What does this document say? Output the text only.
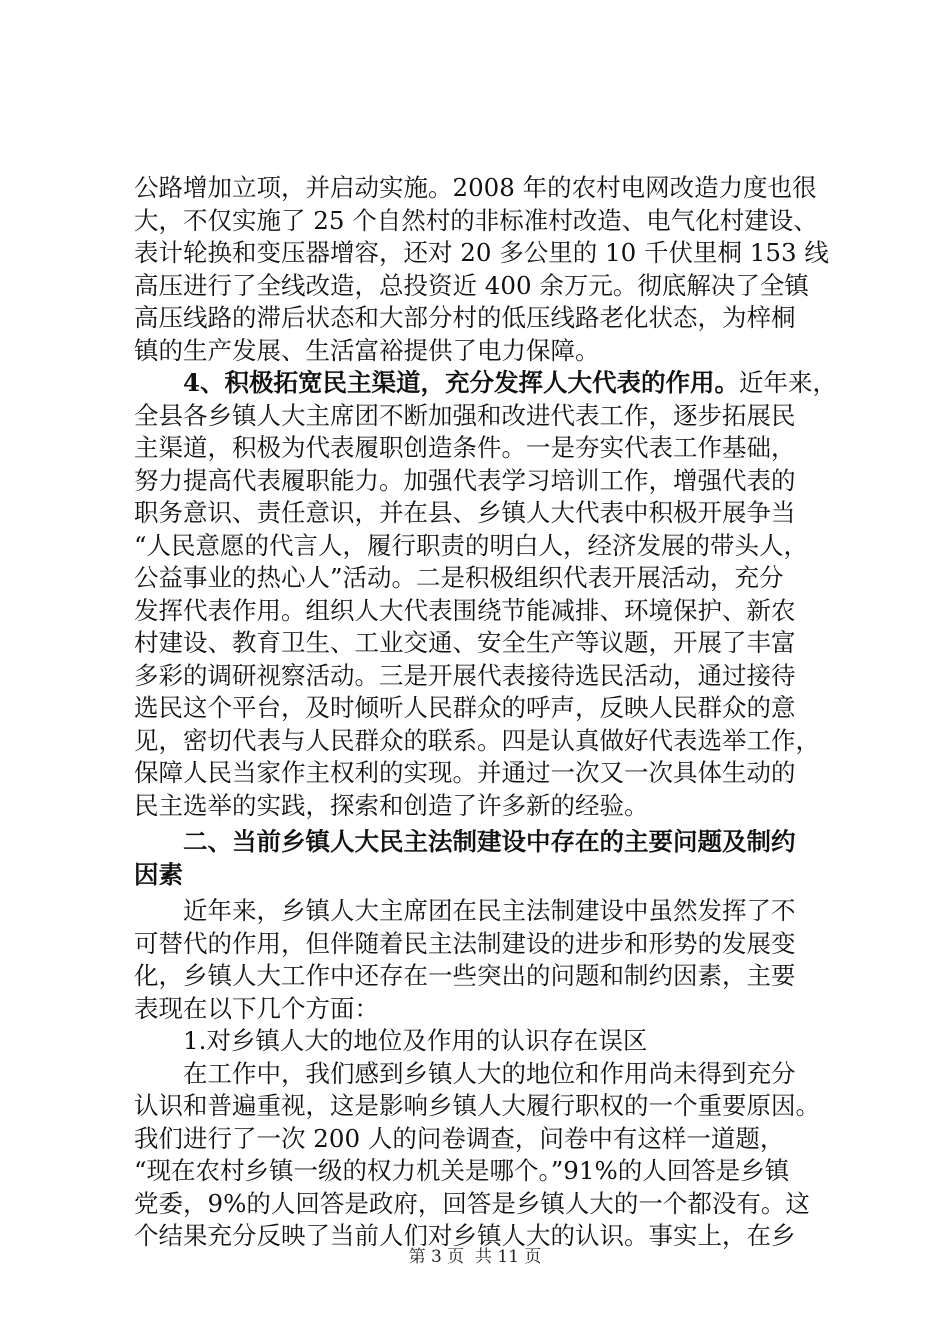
公路增加立项，并启动实施。2008 年的农村电网改造力度也很
大，不仅实施了 25 个自然村的非标准村改造、电气化村建设、
表计轮换和变压器增容，还对 20 多公里的 10 千伏里桐 153 线
高压进行了全线改造，总投资近 400 余万元。彻底解决了全镇
高压线路的滞后状态和大部分村的低压线路老化状态，为梓桐
镇的生产发展、生活富裕提供了电力保障。
4、积极拓宽民主渠道，充分发挥人大代表的作用。近年来，
全县各乡镇人大主席团不断加强和改进代表工作，逐步拓展民
主渠道，积极为代表履职创造条件。一是夯实代表工作基础，
努力提高代表履职能力。加强代表学习培训工作，增强代表的
职务意识、责任意识，并在县、乡镇人大代表中积极开展争当
“人民意愿的代言人，履行职责的明白人，经济发展的带头人，
公益事业的热心人”活动。二是积极组织代表开展活动，充分
发挥代表作用。组织人大代表围绕节能减排、环境保护、新农
村建设、教育卫生、工业交通、安全生产等议题，开展了丰富
多彩的调研视察活动。三是开展代表接待选民活动，通过接待
选民这个平台，及时倾听人民群众的呼声，反映人民群众的意
见，密切代表与人民群众的联系。四是认真做好代表选举工作，
保障人民当家作主权利的实现。并通过一次又一次具体生动的
民主选举的实践，探索和创造了许多新的经验。
二、当前乡镇人大民主法制建设中存在的主要问题及制约
因素
近年来，乡镇人大主席团在民主法制建设中虽然发挥了不
可替代的作用，但伴随着民主法制建设的进步和形势的发展变
化，乡镇人大工作中还存在一些突出的问题和制约因素，主要
表现在以下几个方面：
1.对乡镇人大的地位及作用的认识存在误区
在工作中，我们感到乡镇人大的地位和作用尚未得到充分
认识和普遍重视，这是影响乡镇人大履行职权的一个重要原因。
我们进行了一次 200 人的问卷调查，问卷中有这样一道题，
“现在农村乡镇一级的权力机关是哪个。”91%的人回答是乡镇
党委，9%的人回答是政府，回答是乡镇人大的一个都没有。这
个结果充分反映了当前人们对乡镇人大的认识。事实上，在乡
第 3 页  共 11 页
